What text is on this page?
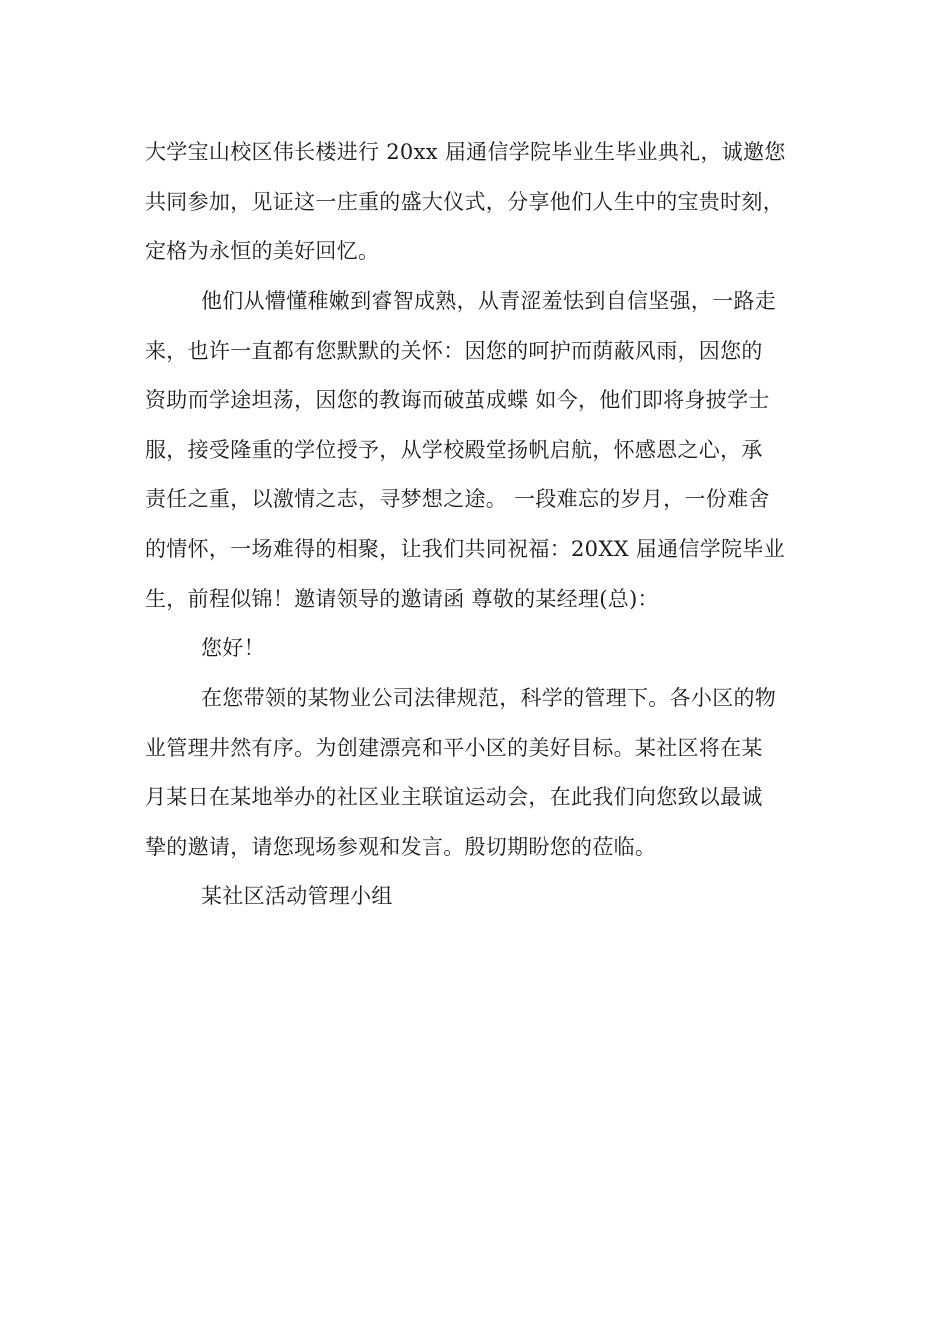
大学宝山校区伟长楼进行 20xx 届通信学院毕业生毕业典礼，诚邀您
共同参加，见证这一庄重的盛大仪式，分享他们人生中的宝贵时刻，
定格为永恒的美好回忆。
他们从懵懂稚嫩到睿智成熟，从青涩羞怯到自信坚强，一路走
来，也许一直都有您默默的关怀：因您的呵护而荫蔽风雨，因您的
资助而学途坦荡，因您的教诲而破茧成蝶 如今，他们即将身披学士
服，接受隆重的学位授予，从学校殿堂扬帆启航，怀感恩之心，承
责任之重，以激情之志，寻梦想之途。 一段难忘的岁月，一份难舍
的情怀，一场难得的相聚，让我们共同祝福：20XX 届通信学院毕业
生，前程似锦！邀请领导的邀请函 尊敬的某经理(总)：
您好！
在您带领的某物业公司法律规范，科学的管理下。各小区的物
业管理井然有序。为创建漂亮和平小区的美好目标。某社区将在某
月某日在某地举办的社区业主联谊运动会，在此我们向您致以最诚
挚的邀请，请您现场参观和发言。殷切期盼您的莅临。
某社区活动管理小组
